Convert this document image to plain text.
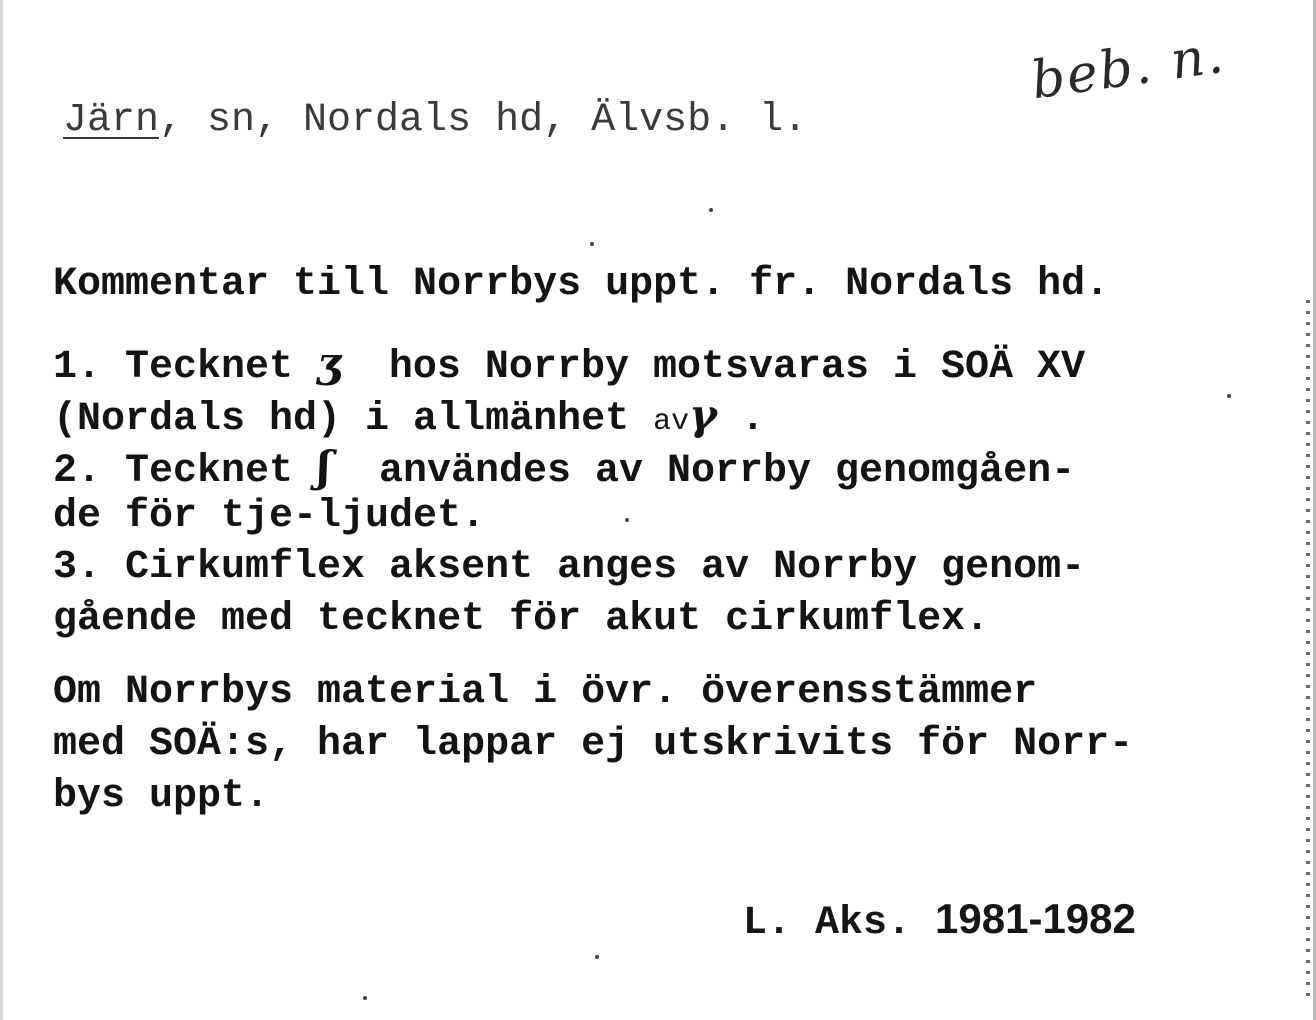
Järn, sn, Nordals hd, Älvsb. l.
beb. n.
Kommentar till Norrbys uppt. fr. Nordals hd.
1. Tecknet ʒ  hos Norrby motsvaras i SOÄ XV
(Nordals hd) i allmänhet avγ .
2. Tecknet ʃ  användes av Norrby genomgåen-
de för tje-ljudet.
3. Cirkumflex aksent anges av Norrby genom-
gående med tecknet för akut cirkumflex.
Om Norrbys material i övr. överensstämmer
med SOÄ:s, har lappar ej utskrivits för Norr-
bys uppt.
L. Aks. 1981-1982
